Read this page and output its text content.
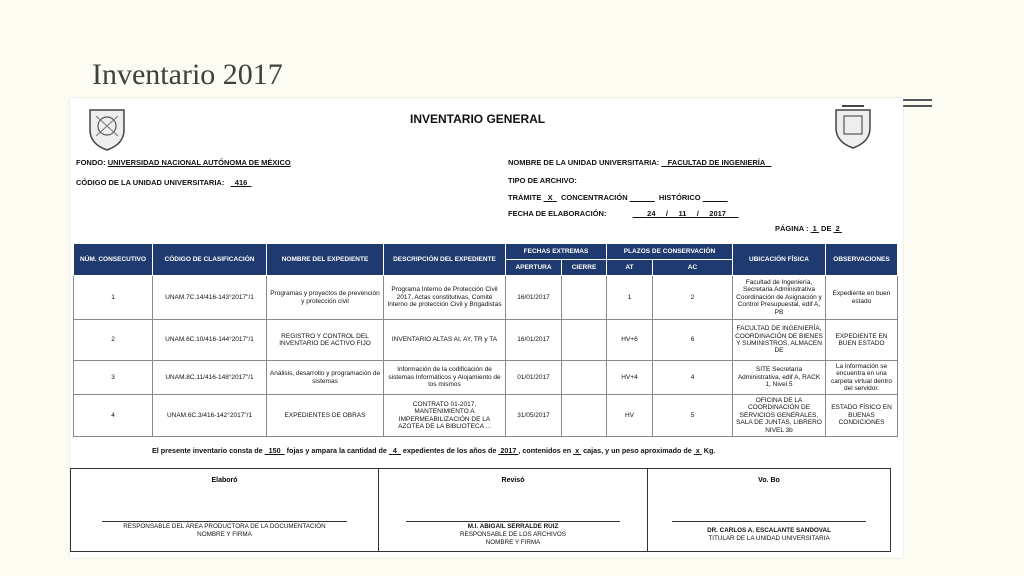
Inventario 2017
INVENTARIO GENERAL
FONDO: UNIVERSIDAD NACIONAL AUTÓNOMA DE MÉXICO
CÓDIGO DE LA UNIDAD UNIVERSITARIA: 416
NOMBRE DE LA UNIDAD UNIVERSITARIA: FACULTAD DE INGENIERÍA
TIPO DE ARCHIVO:
TRÁMITE X CONCENTRACIÓN	HISTÓRICO
FECHA DE ELABORACIÓN:	24     /     11     /     2017
PÁGINA : 1 DE 2
NÚM. CONSECUTIVO	CÓDIGO DE CLASIFICACIÓN	NOMBRE DEL EXPEDIENTE	DESCRIPCIÓN DEL EXPEDIENTE	FECHAS EXTREMAS		PLAZOS DE CONSERVACIÓN		UBICACIÓN FÍSICA	OBSERVACIONES
				APERTURA	CIERRE	AT	AC		
1	UNAM.7C.14/416-143°2017"/1	Programas y proyectos de prevención y protección civil	Programa Interno de Protección Civil 2017, Actas constitutivas, Comité Interno de protección Civil y Brigadistas	16/01/2017		1	2	Facultad de Ingeniería, Secretaria Administrativa Coordinación de Asignación y Control Presupuestal, edif A, PB	Expediente en buen estado
2	UNAM.6C.10/416-144°2017"/1	REGISTRO Y CONTROL DEL INVENTARIO DE ACTIVO FIJO	INVENTARIO ALTAS AI, AY, TR y TA	16/01/2017		HV+6	6	FACULTAD DE INGENIERÍA, COORDINACIÓN DE BIENES Y SUMINISTROS, ALMACEN DE	EXPEDIENTE EN BUEN ESTADO
3	UNAM.8C.11/416-148°2017"/1	Análisis, desarrollo y programación de sistemas	Información de la codificación de sistemas Informáticos y Alojamiento de los mismos	01/01/2017		HV+4	4	SITE Secretaría Administrativa, edif A, RACK 1, Nivel 5	La información se encuentra en una carpeta virtual dentro del servidor.
4	UNAM.6C.3/416-142°2017"/1	EXPEDIENTES DE OBRAS	CONTRATO 01-2017, MANTENIMIENTO A IMPERMEABILIZACIÓN DE LA AZOTEA DE LA BIBLIOTECA ...	31/05/2017		HV	5	OFICINA DE LA COORDINACIÓN DE SERVICIOS GENERALES, SALA DE JUNTAS, LIBRERO NIVEL 3b	ESTADO FÍSICO EN BUENAS CONDICIONES
El presente inventario consta de 150 fojas y ampara la cantidad de 4 expedientes de los años de 2017 , contenidos en x cajas, y un peso aproximado de x Kg.
Elaboró
RESPONSABLE DEL ÁREA PRODUCTORA DE LA DOCUMENTACIÓN
NOMBRE Y FIRMA
Revisó
M.I. ABIGAIL SERRALDE RUIZ
RESPONSABLE DE LOS ARCHIVOS
NOMBRE Y FIRMA
Vo. Bo
DR. CARLOS A. ESCALANTE SANDOVAL
TITULAR DE LA UNIDAD UNIVERSITARIA
